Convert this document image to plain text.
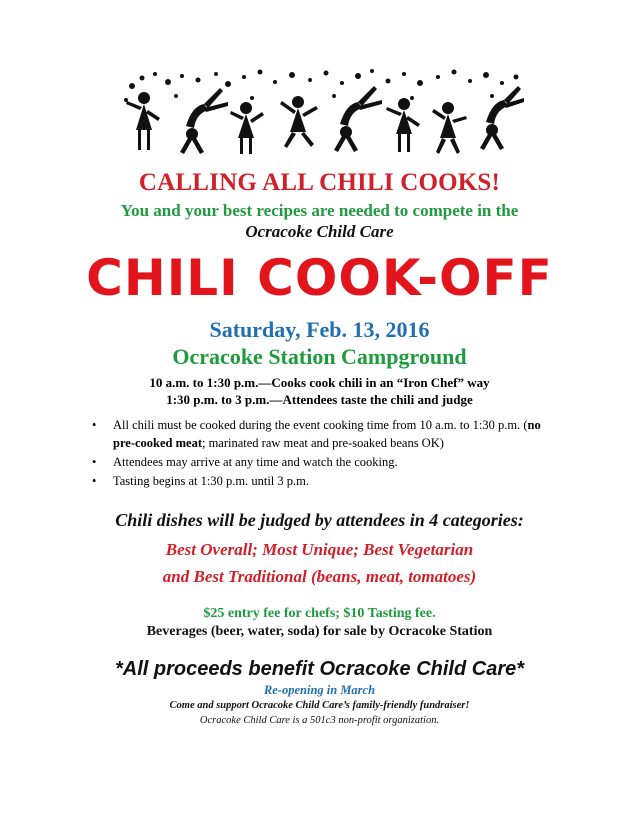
CALLING ALL CHILI COOKS!
You and your best recipes are needed to compete in the
Ocracoke Child Care
CHILI COOK-OFF
Saturday, Feb. 13, 2016
Ocracoke Station Campground
10 a.m. to 1:30 p.m.—Cooks cook chili in an “Iron Chef” way
1:30 p.m. to 3 p.m.—Attendees taste the chili and judge
• All chili must be cooked during the event cooking time from 10 a.m. to 1:30 p.m. (no pre-cooked meat; marinated raw meat and pre-soaked beans OK)
• Attendees may arrive at any time and watch the cooking.
• Tasting begins at 1:30 p.m. until 3 p.m.
Chili dishes will be judged by attendees in 4 categories:
Best Overall; Most Unique; Best Vegetarian
and Best Traditional (beans, meat, tomatoes)
$25 entry fee for chefs; $10 Tasting fee.
Beverages (beer, water, soda) for sale by Ocracoke Station
*All proceeds benefit Ocracoke Child Care*
Re-opening in March
Come and support Ocracoke Child Care’s family-friendly fundraiser!
Ocracoke Child Care is a 501c3 non-profit organization.
